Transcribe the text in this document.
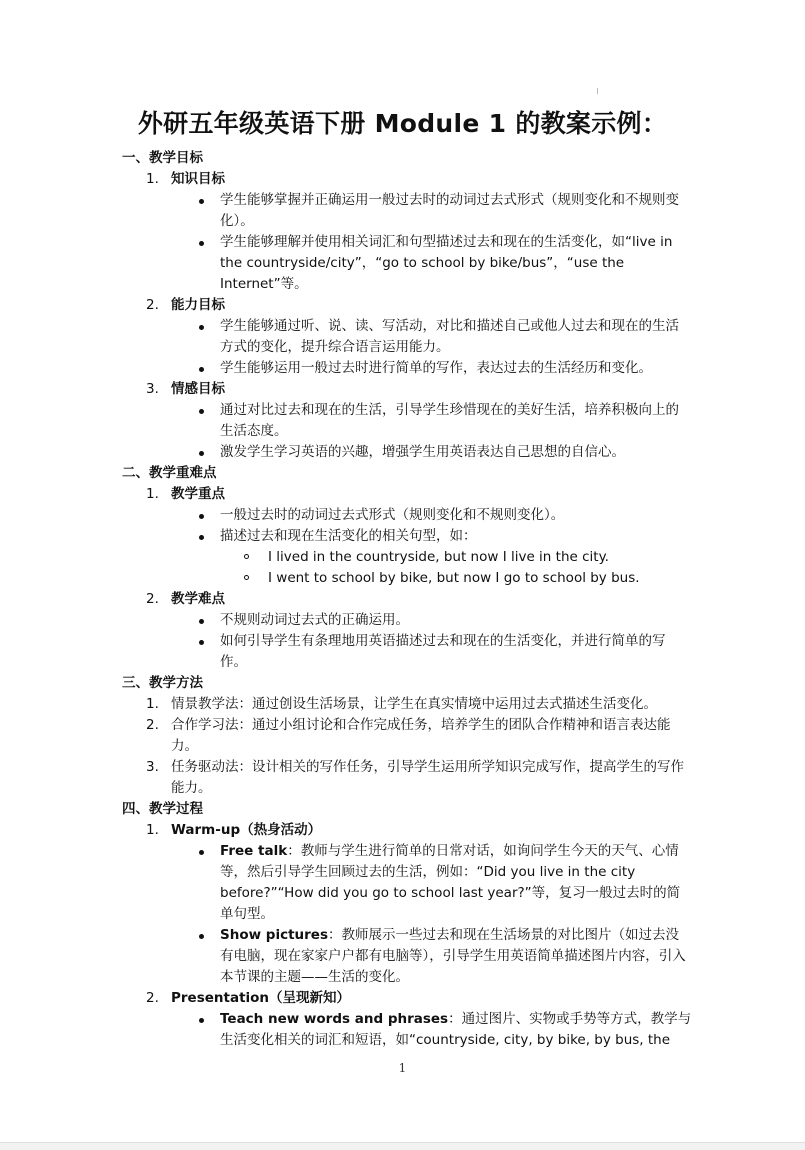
外研五年级英语下册 Module 1 的教案示例：

一、教学目标

1. 知识目标

学生能够掌握并正确运用一般过去时的动词过去式形式（规则变化和不规则变化）。

学生能够理解并使用相关词汇和句型描述过去和现在的生活变化，如“live in the countryside/city”，“go to school by bike/bus”，“use the Internet”等。

2. 能力目标

学生能够通过听、说、读、写活动，对比和描述自己或他人过去和现在的生活方式的变化，提升综合语言运用能力。

学生能够运用一般过去时进行简单的写作，表达过去的生活经历和变化。

3. 情感目标

通过对比过去和现在的生活，引导学生珍惜现在的美好生活，培养积极向上的生活态度。

激发学生学习英语的兴趣，增强学生用英语表达自己思想的自信心。

二、教学重难点

1. 教学重点

一般过去时的动词过去式形式（规则变化和不规则变化）。

描述过去和现在生活变化的相关句型，如：

I lived in the countryside, but now I live in the city.

I went to school by bike, but now I go to school by bus.

2. 教学难点

不规则动词过去式的正确运用。

如何引导学生有条理地用英语描述过去和现在的生活变化，并进行简单的写作。

三、教学方法

1. 情景教学法：通过创设生活场景，让学生在真实情境中运用过去式描述生活变化。

2. 合作学习法：通过小组讨论和合作完成任务，培养学生的团队合作精神和语言表达能力。

3. 任务驱动法：设计相关的写作任务，引导学生运用所学知识完成写作，提高学生的写作能力。

四、教学过程

1. Warm-up（热身活动）

Free talk：教师与学生进行简单的日常对话，如询问学生今天的天气、心情等，然后引导学生回顾过去的生活，例如：“Did you live in the city before?”“How did you go to school last year?”等，复习一般过去时的简单句型。

Show pictures：教师展示一些过去和现在生活场景的对比图片（如过去没有电脑，现在家家户户都有电脑等），引导学生用英语简单描述图片内容，引入本节课的主题——生活的变化。

2. Presentation（呈现新知）

Teach new words and phrases：通过图片、实物或手势等方式，教学与生活变化相关的词汇和短语，如“countryside, city, by bike, by bus, the

1
